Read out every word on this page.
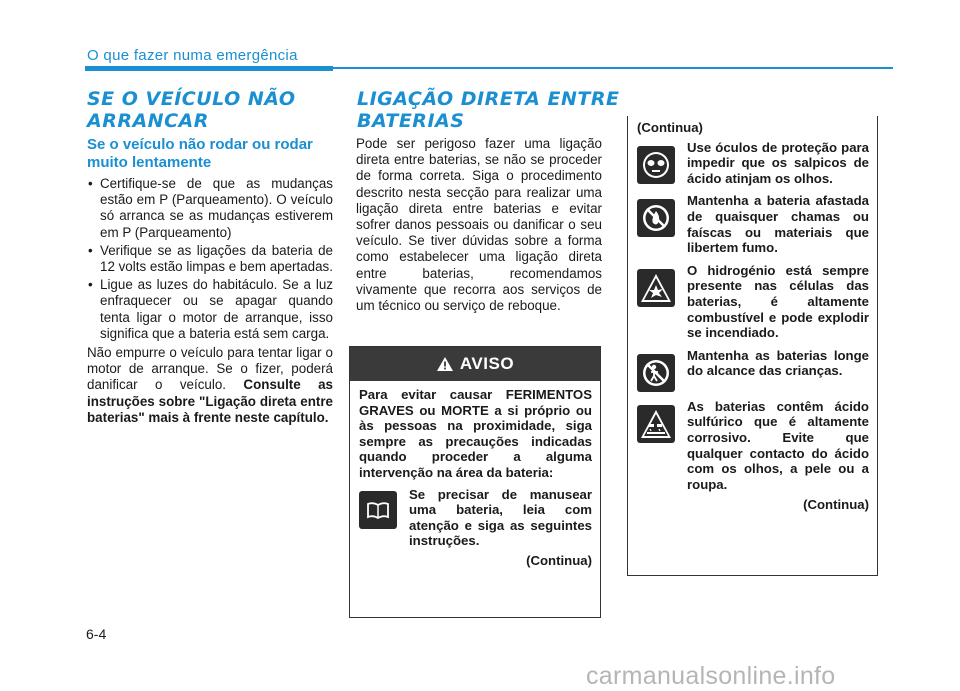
O que fazer numa emergência
SE O VEÍCULO NÃO
ARRANCAR
Se o veículo não rodar ou rodar muito lentamente
• Certifique-se de que as mudanças estão em P (Parqueamento). O veículo só arranca se as mudanças estiverem em P (Parqueamento)
• Verifique se as ligações da bateria de 12 volts estão limpas e bem apertadas.
• Ligue as luzes do habitáculo. Se a luz enfraquecer ou se apagar quando tenta ligar o motor de arranque, isso significa que a bateria está sem carga.
Não empurre o veículo para tentar ligar o motor de arranque. Se o fizer, poderá danificar o veículo. Consulte as instruções sobre "Ligação direta entre baterias" mais à frente neste capítulo.
LIGAÇÃO DIRETA ENTRE
BATERIAS
Pode ser perigoso fazer uma ligação direta entre baterias, se não se proceder de forma correta. Siga o procedimento descrito nesta secção para realizar uma ligação direta entre baterias e evitar sofrer danos pessoais ou danificar o seu veículo. Se tiver dúvidas sobre a forma como estabelecer uma ligação direta entre baterias, recomendamos vivamente que recorra aos serviços de um técnico ou serviço de reboque.
AVISO
Para evitar causar FERIMENTOS GRAVES ou MORTE a si próprio ou às pessoas na proximidade, siga sempre as precauções indicadas quando proceder a alguma intervenção na área da bateria:
Se precisar de manusear uma bateria, leia com atenção e siga as seguintes instruções.
(Continua)
(Continua)
Use óculos de proteção para impedir que os salpicos de ácido atinjam os olhos.
Mantenha a bateria afastada de quaisquer chamas ou faíscas ou materiais que libertem fumo.
O hidrogénio está sempre presente nas células das baterias, é altamente combustível e pode explodir se incendiado.
Mantenha as baterias longe do alcance das crianças.
As baterias contêm ácido sulfúrico que é altamente corrosivo. Evite que qualquer contacto do ácido com os olhos, a pele ou a roupa.
(Continua)
6-4
carmanualsonline.info
